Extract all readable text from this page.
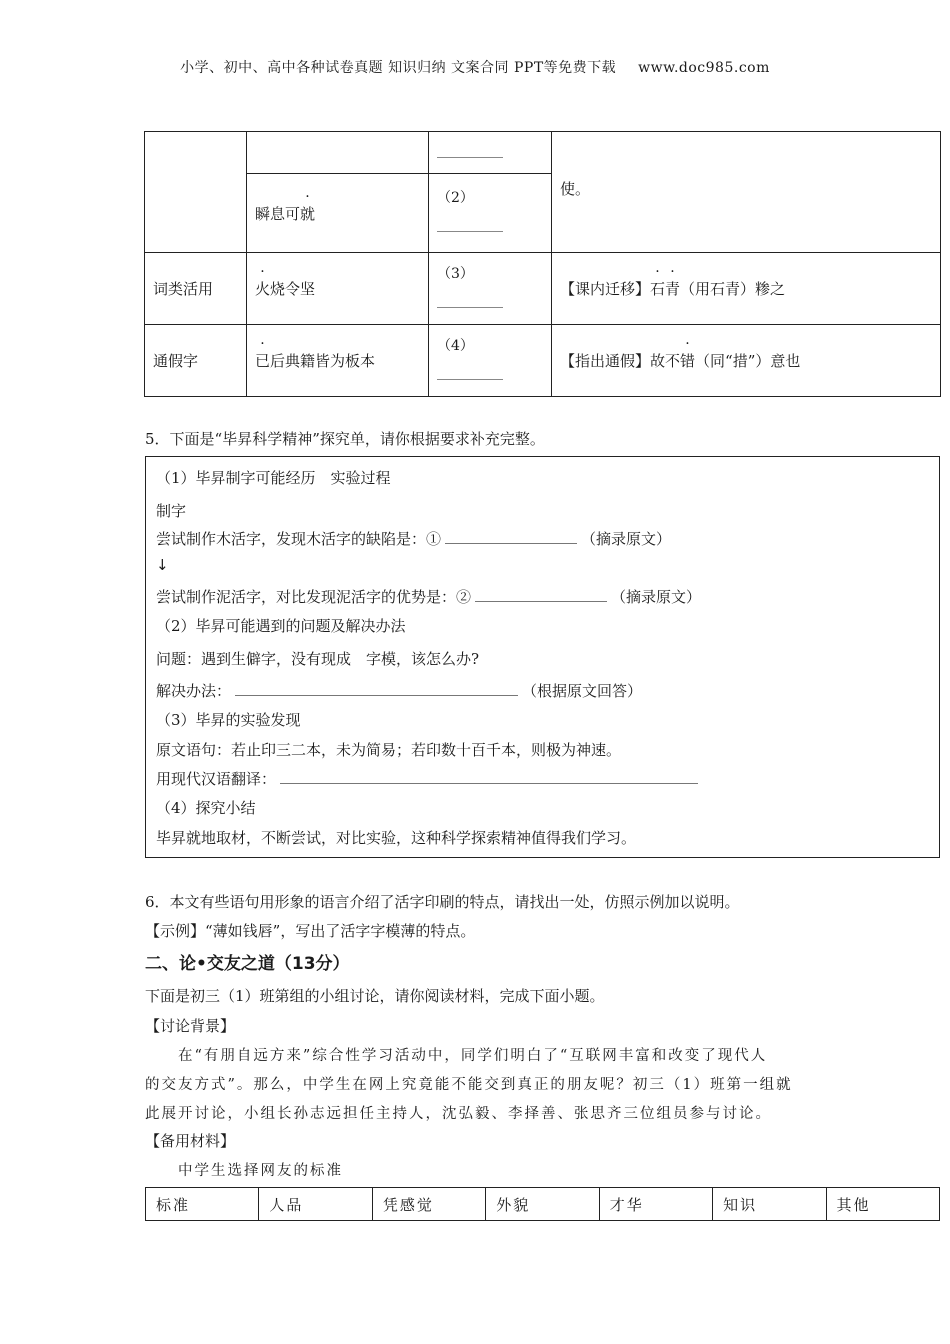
小学、初中、高中各种试卷真题 知识归纳 文案合同 PPT等免费下载 www.doc985.com
			使。
	瞬息可就	（2）	

词类活用	火烧令坚	（3）	【课内迁移】石青（用石青）糁之
通假字	已后典籍皆为板本	（4）	【指出通假】故不错（同“措”）意也
5．下面是“毕昇科学精神”探究单，请你根据要求补充完整。
（1）毕昇制字可能经历　实验过程
制字
尝试制作木活字，发现木活字的缺陷是：①	（摘录原文）
↓
尝试制作泥活字，对比发现泥活字的优势是：②	（摘录原文）
（2）毕昇可能遇到的问题及解决办法
问题：遇到生僻字，没有现成　字模，该怎么办?
解决办法：	（根据原文回答）
（3）毕昇的实验发现
原文语句：若止印三二本，未为简易；若印数十百千本，则极为神速。
用现代汉语翻译：
（4）探究小结
毕昇就地取材，不断尝试，对比实验，这种科学探索精神值得我们学习。
6．本文有些语句用形象的语言介绍了活字印刷的特点，请找出一处，仿照示例加以说明。
【示例】“薄如钱唇”，写出了活字字模薄的特点。
二、论•交友之道（13分）
下面是初三（1）班第组的小组讨论，请你阅读材料，完成下面小题。
【讨论背景】
在“有朋自远方来”综合性学习活动中，同学们明白了“互联网丰富和改变了现代人
的交友方式”。那么，中学生在网上究竟能不能交到真正的朋友呢？初三（1）班第一组就
此展开讨论，小组长孙志远担任主持人，沈弘毅、李择善、张思齐三位组员参与讨论。
【备用材料】
中学生选择网友的标准
标准	人品	凭感觉	外貌	才华	知识	其他
